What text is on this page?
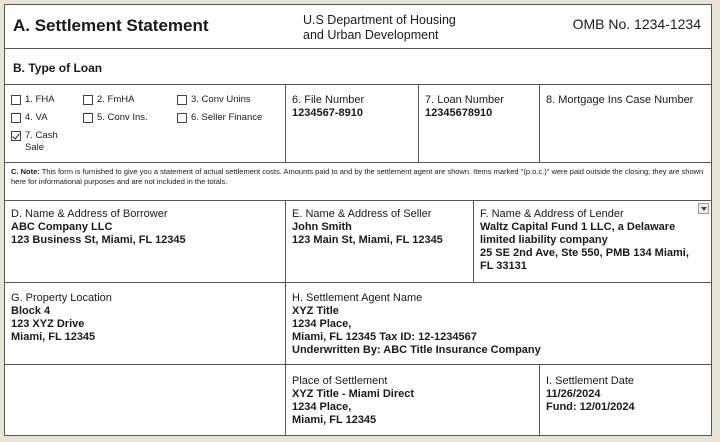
A. Settlement Statement	U.S Department of Housing
and Urban Development
OMB No. 1234-1234
B. Type of Loan
1. FHA	2. FmHA	3. Conv Unins
4. VA	5. Conv Ins.	6. Seller Finance
7. Cash
Sale
6. File Number
1234567-8910
7. Loan Number
12345678910
8. Mortgage Ins Case Number
C. Note: This form is furnished to give you a statement of actual settlement costs. Amounts paid to and by the settlement agent are shown. Items marked "(p.o.c.)" were paid outside the closing; they are shown here for informational purposes and are not included in the totals.
D. Name & Address of Borrower
ABC Company LLC
123 Business St, Miami, FL 12345
E. Name & Address of Seller
John Smith
123 Main St, Miami, FL 12345
F. Name & Address of Lender
Waltz Capital Fund 1 LLC, a Delaware
limited liability company
25 SE 2nd Ave, Ste 550, PMB 134 Miami,
FL 33131
G. Property Location
Block 4
123 XYZ Drive
Miami, FL 12345
H. Settlement Agent Name
XYZ Title
1234 Place,
Miami, FL 12345 Tax ID: 12-1234567
Underwritten By: ABC Title Insurance Company
Place of Settlement
XYZ Title - Miami Direct
1234 Place,
Miami, FL 12345
I. Settlement Date
11/26/2024
Fund: 12/01/2024
